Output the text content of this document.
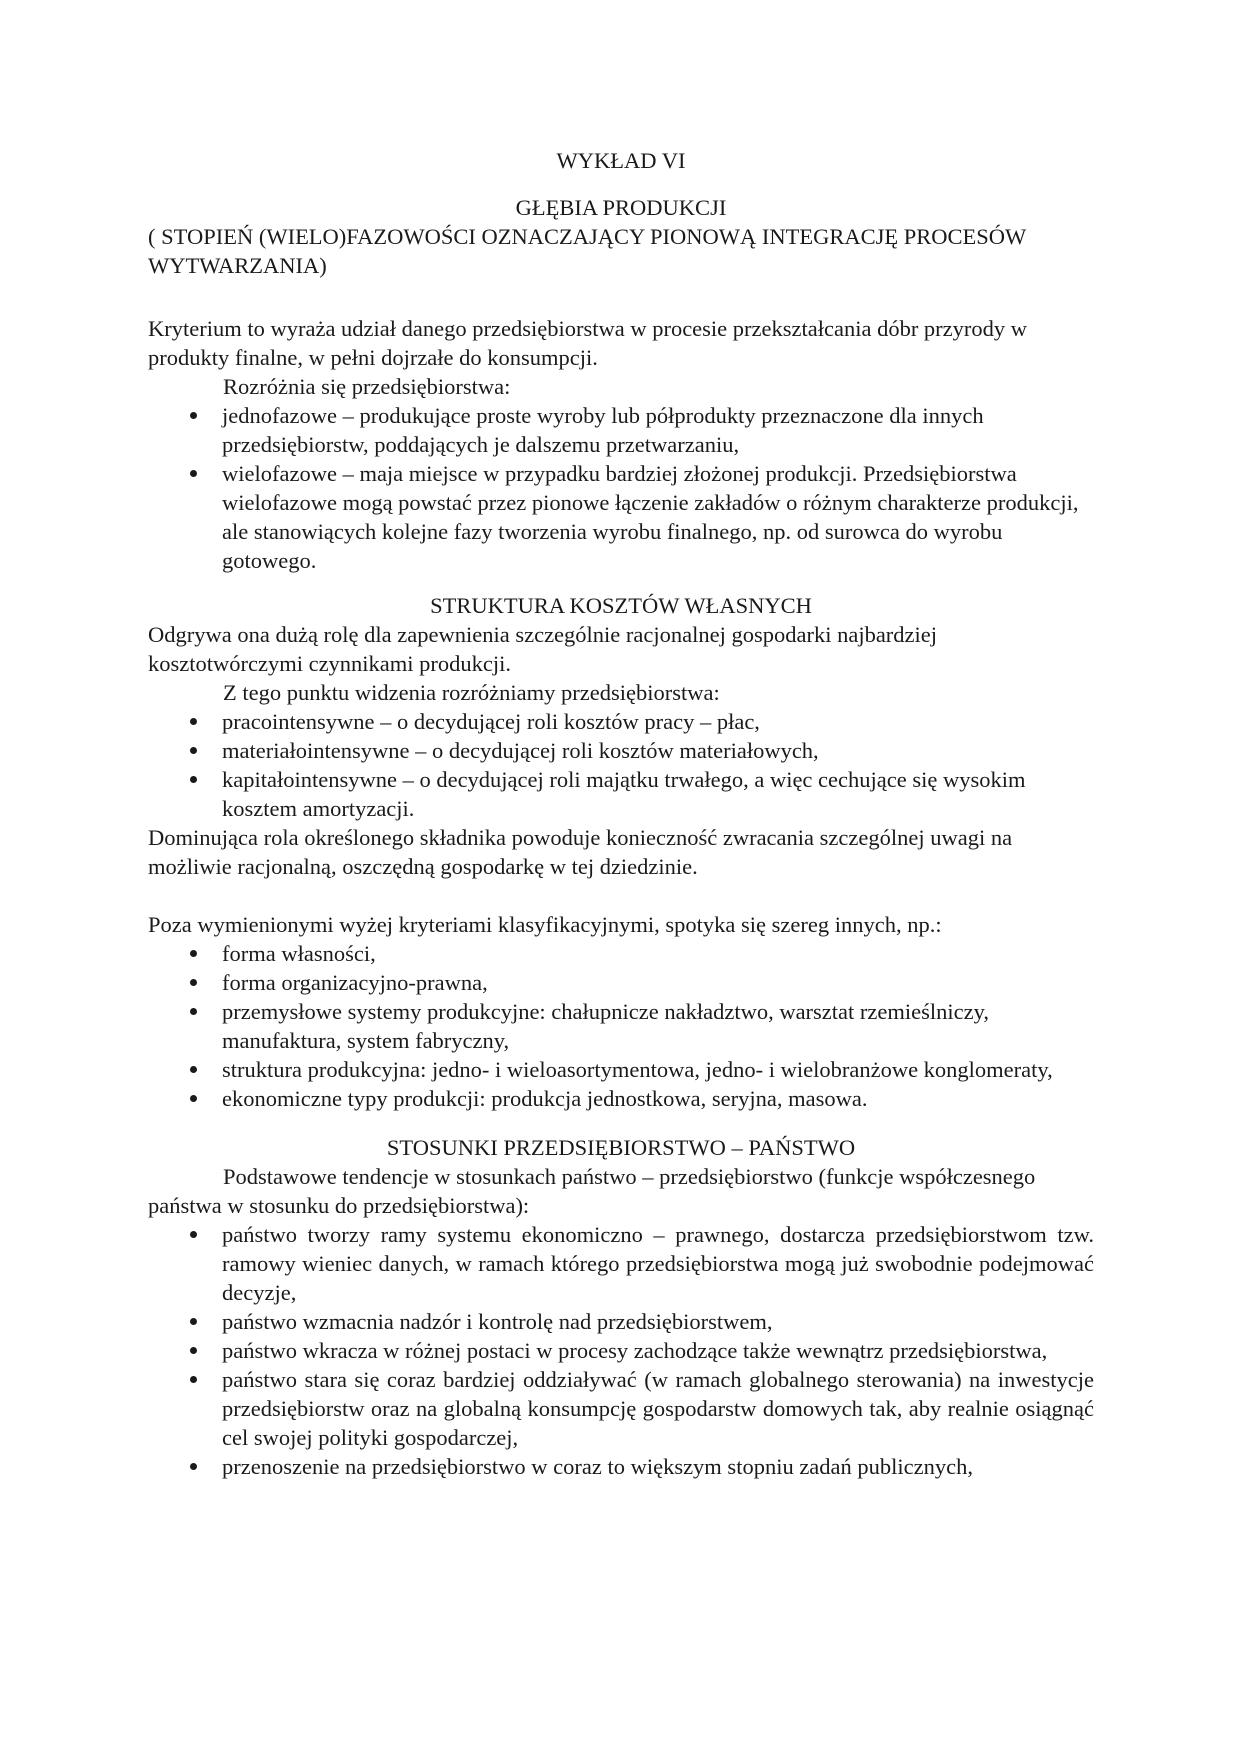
WYKŁAD VI

GŁĘBIA PRODUKCJI

( STOPIEŃ (WIELO)FAZOWOŚCI OZNACZAJĄCY PIONOWĄ INTEGRACJĘ PROCESÓW WYTWARZANIA)

Kryterium to wyraża udział danego przedsiębiorstwa w procesie przekształcania dóbr przyrody w produkty finalne, w pełni dojrzałe do konsumpcji.

Rozróżnia się przedsiębiorstwa:

jednofazowe – produkujące proste wyroby lub półprodukty przeznaczone dla innych przedsiębiorstw, poddających je dalszemu przetwarzaniu,
wielofazowe – maja miejsce w przypadku bardziej złożonej produkcji. Przedsiębiorstwa wielofazowe mogą powstać przez pionowe łączenie zakładów o różnym charakterze produkcji, ale stanowiących kolejne fazy tworzenia wyrobu finalnego, np. od surowca do wyrobu gotowego.

STRUKTURA KOSZTÓW WŁASNYCH

Odgrywa ona dużą rolę dla zapewnienia szczególnie racjonalnej gospodarki najbardziej kosztotwórczymi czynnikami produkcji.

Z tego punktu widzenia rozróżniamy przedsiębiorstwa:

pracointensywne – o decydującej roli kosztów pracy – płac,
materiałointensywne – o decydującej roli kosztów materiałowych,
kapitałointensywne – o decydującej roli majątku trwałego, a więc cechujące się wysokim kosztem amortyzacji.

Dominująca rola określonego składnika powoduje konieczność zwracania szczególnej uwagi na możliwie racjonalną, oszczędną gospodarkę w tej dziedzinie.

Poza wymienionymi wyżej kryteriami klasyfikacyjnymi, spotyka się szereg innych, np.:

forma własności,
forma organizacyjno-prawna,
przemysłowe systemy produkcyjne: chałupnicze nakładztwo, warsztat rzemieślniczy, manufaktura, system fabryczny,
struktura produkcyjna: jedno- i wieloasortymentowa, jedno- i wielobranżowe konglomeraty,
ekonomiczne typy produkcji: produkcja jednostkowa, seryjna, masowa.

STOSUNKI PRZEDSIĘBIORSTWO – PAŃSTWO

Podstawowe tendencje w stosunkach państwo – przedsiębiorstwo (funkcje współczesnego państwa w stosunku do przedsiębiorstwa):

państwo tworzy ramy systemu ekonomiczno – prawnego, dostarcza przedsiębiorstwom tzw. ramowy wieniec danych, w ramach którego przedsiębiorstwa mogą już swobodnie podejmować decyzje,
państwo wzmacnia nadzór i kontrolę nad przedsiębiorstwem,
państwo wkracza w różnej postaci w procesy zachodzące także wewnątrz przedsiębiorstwa,
państwo stara się coraz bardziej oddziaływać (w ramach globalnego sterowania) na inwestycje przedsiębiorstw oraz na globalną konsumpcję gospodarstw domowych tak, aby realnie osiągnąć cel swojej polityki gospodarczej,
przenoszenie na przedsiębiorstwo w coraz to większym stopniu zadań publicznych,
